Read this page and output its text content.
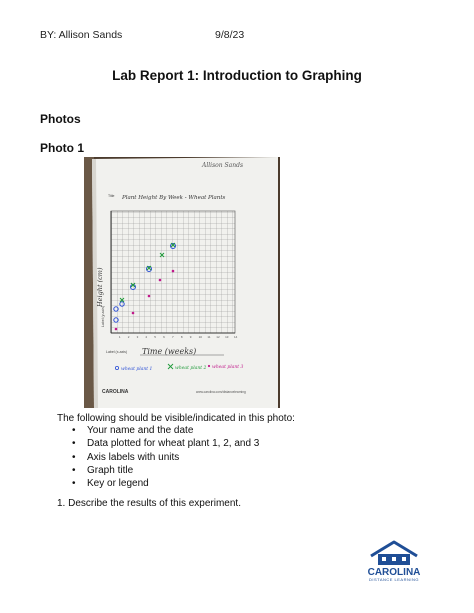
BY: Allison Sands	9/8/23
Lab Report 1: Introduction to Graphing
Photos
Photo 1
Allison Sands
Title Plant Height By Week - Wheat Plants
1 2 3 4 5 6 7 8 9 10 11 12 13 14
Label (y-axis)
Height (cm)
Label (x-axis) Time (weeks)
wheat plant 1	wheat plant 2 wheat plant 3
CAROLINA	www.carolina.com/distancelearning
The following should be visible/indicated in this photo:
• Your name and the date
• Data plotted for wheat plant 1, 2, and 3
• Axis labels with units
• Graph title
• Key or legend
1. Describe the results of this experiment.
CAROLINA
DISTANCE LEARNING
